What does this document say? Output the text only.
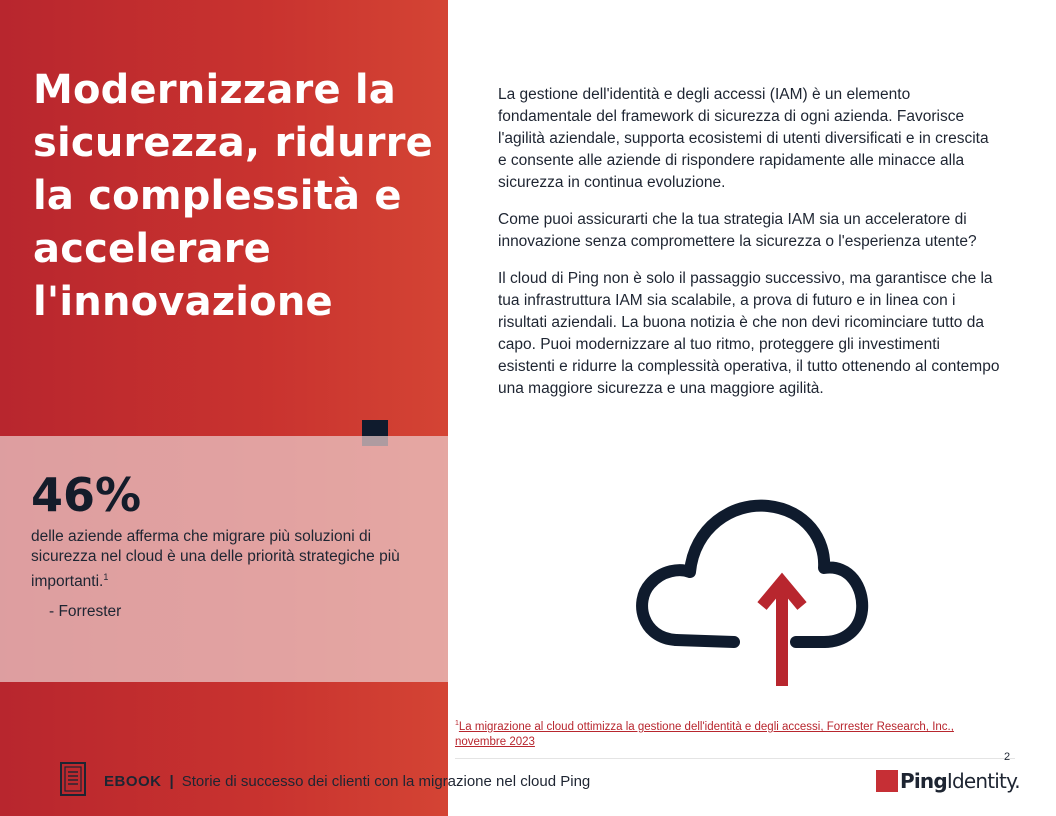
Modernizzare la sicurezza, ridurre la complessità e accelerare l'innovazione
46%
delle aziende afferma che migrare più soluzioni di sicurezza nel cloud è una delle priorità strategiche più importanti.$^1$
- Forrester

La gestione dell'identità e degli accessi (IAM) è un elemento fondamentale del framework di sicurezza di ogni azienda. Favorisce l'agilità aziendale, supporta ecosistemi di utenti diversificati e in crescita e consente alle aziende di rispondere rapidamente alle minacce alla sicurezza in continua evoluzione.

Come puoi assicurarti che la tua strategia IAM sia un acceleratore di innovazione senza compromettere la sicurezza o l'esperienza utente?

Il cloud di Ping non è solo il passaggio successivo, ma garantisce che la tua infrastruttura IAM sia scalabile, a prova di futuro e in linea con i risultati aziendali. La buona notizia è che non devi ricominciare tutto da capo. Puoi modernizzare al tuo ritmo, proteggere gli investimenti esistenti e ridurre la complessità operativa, il tutto ottenendo al contempo una maggiore sicurezza e una maggiore agilità.

$^1$La migrazione al cloud ottimizza la gestione dell'identità e degli accessi, Forrester Research, Inc., novembre 2023
2
EBOOK | Storie di successo dei clienti con la migrazione nel cloud Ping	PingIdentity.
